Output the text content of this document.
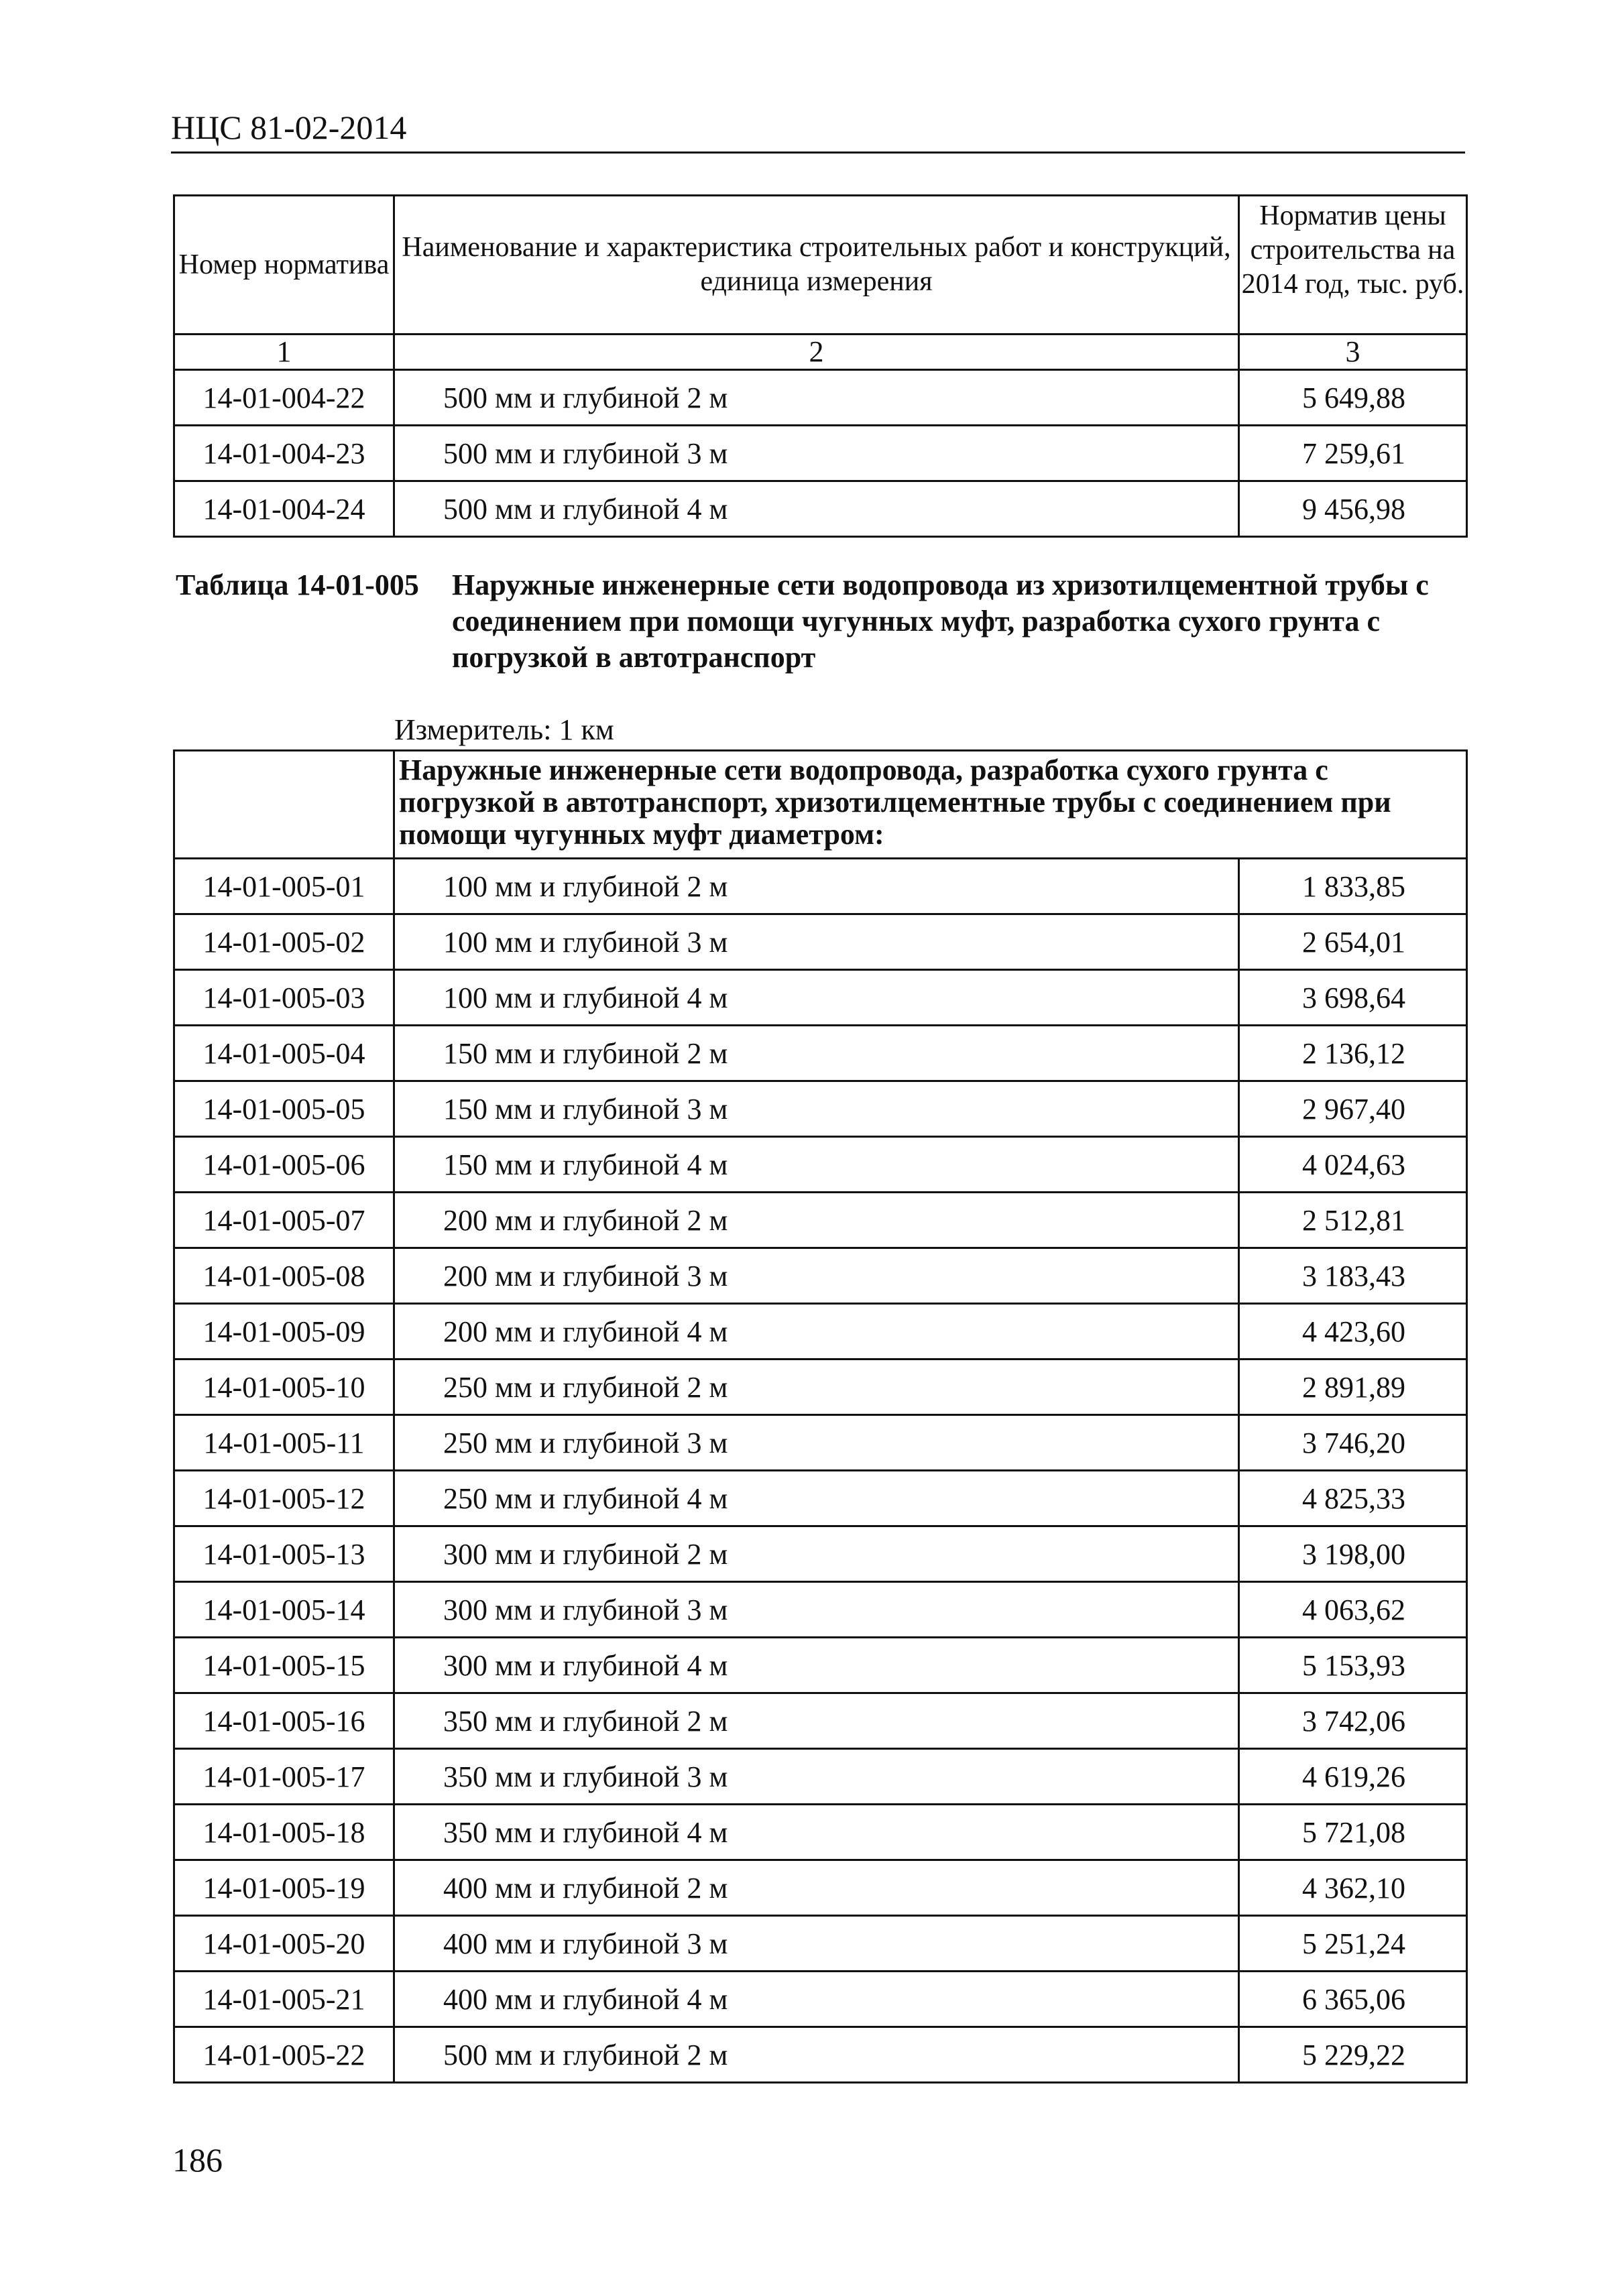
НЦС 81-02-2014
Номер норматива	Наименование и характеристика строительных работ и конструкций, единица измерения	Норматив цены строительства на 2014 год, тыс. руб.
1	2	3
14-01-004-22	500 мм и глубиной 2 м	5 649,88
14-01-004-23	500 мм и глубиной 3 м	7 259,61
14-01-004-24	500 мм и глубиной 4 м	9 456,98
Таблица 14-01-005 Наружные инженерные сети водопровода из хризотилцементной трубы с соединением при помощи чугунных муфт, разработка сухого грунта с погрузкой в автотранспорт
Измеритель: 1 км
	Наружные инженерные сети водопровода, разработка сухого грунта с погрузкой в автотранспорт, хризотилцементные трубы с соединением при помощи чугунных муфт диаметром:	
14-01-005-01	100 мм и глубиной 2 м	1 833,85
14-01-005-02	100 мм и глубиной 3 м	2 654,01
14-01-005-03	100 мм и глубиной 4 м	3 698,64
14-01-005-04	150 мм и глубиной 2 м	2 136,12
14-01-005-05	150 мм и глубиной 3 м	2 967,40
14-01-005-06	150 мм и глубиной 4 м	4 024,63
14-01-005-07	200 мм и глубиной 2 м	2 512,81
14-01-005-08	200 мм и глубиной 3 м	3 183,43
14-01-005-09	200 мм и глубиной 4 м	4 423,60
14-01-005-10	250 мм и глубиной 2 м	2 891,89
14-01-005-11	250 мм и глубиной 3 м	3 746,20
14-01-005-12	250 мм и глубиной 4 м	4 825,33
14-01-005-13	300 мм и глубиной 2 м	3 198,00
14-01-005-14	300 мм и глубиной 3 м	4 063,62
14-01-005-15	300 мм и глубиной 4 м	5 153,93
14-01-005-16	350 мм и глубиной 2 м	3 742,06
14-01-005-17	350 мм и глубиной 3 м	4 619,26
14-01-005-18	350 мм и глубиной 4 м	5 721,08
14-01-005-19	400 мм и глубиной 2 м	4 362,10
14-01-005-20	400 мм и глубиной 3 м	5 251,24
14-01-005-21	400 мм и глубиной 4 м	6 365,06
14-01-005-22	500 мм и глубиной 2 м	5 229,22
186
